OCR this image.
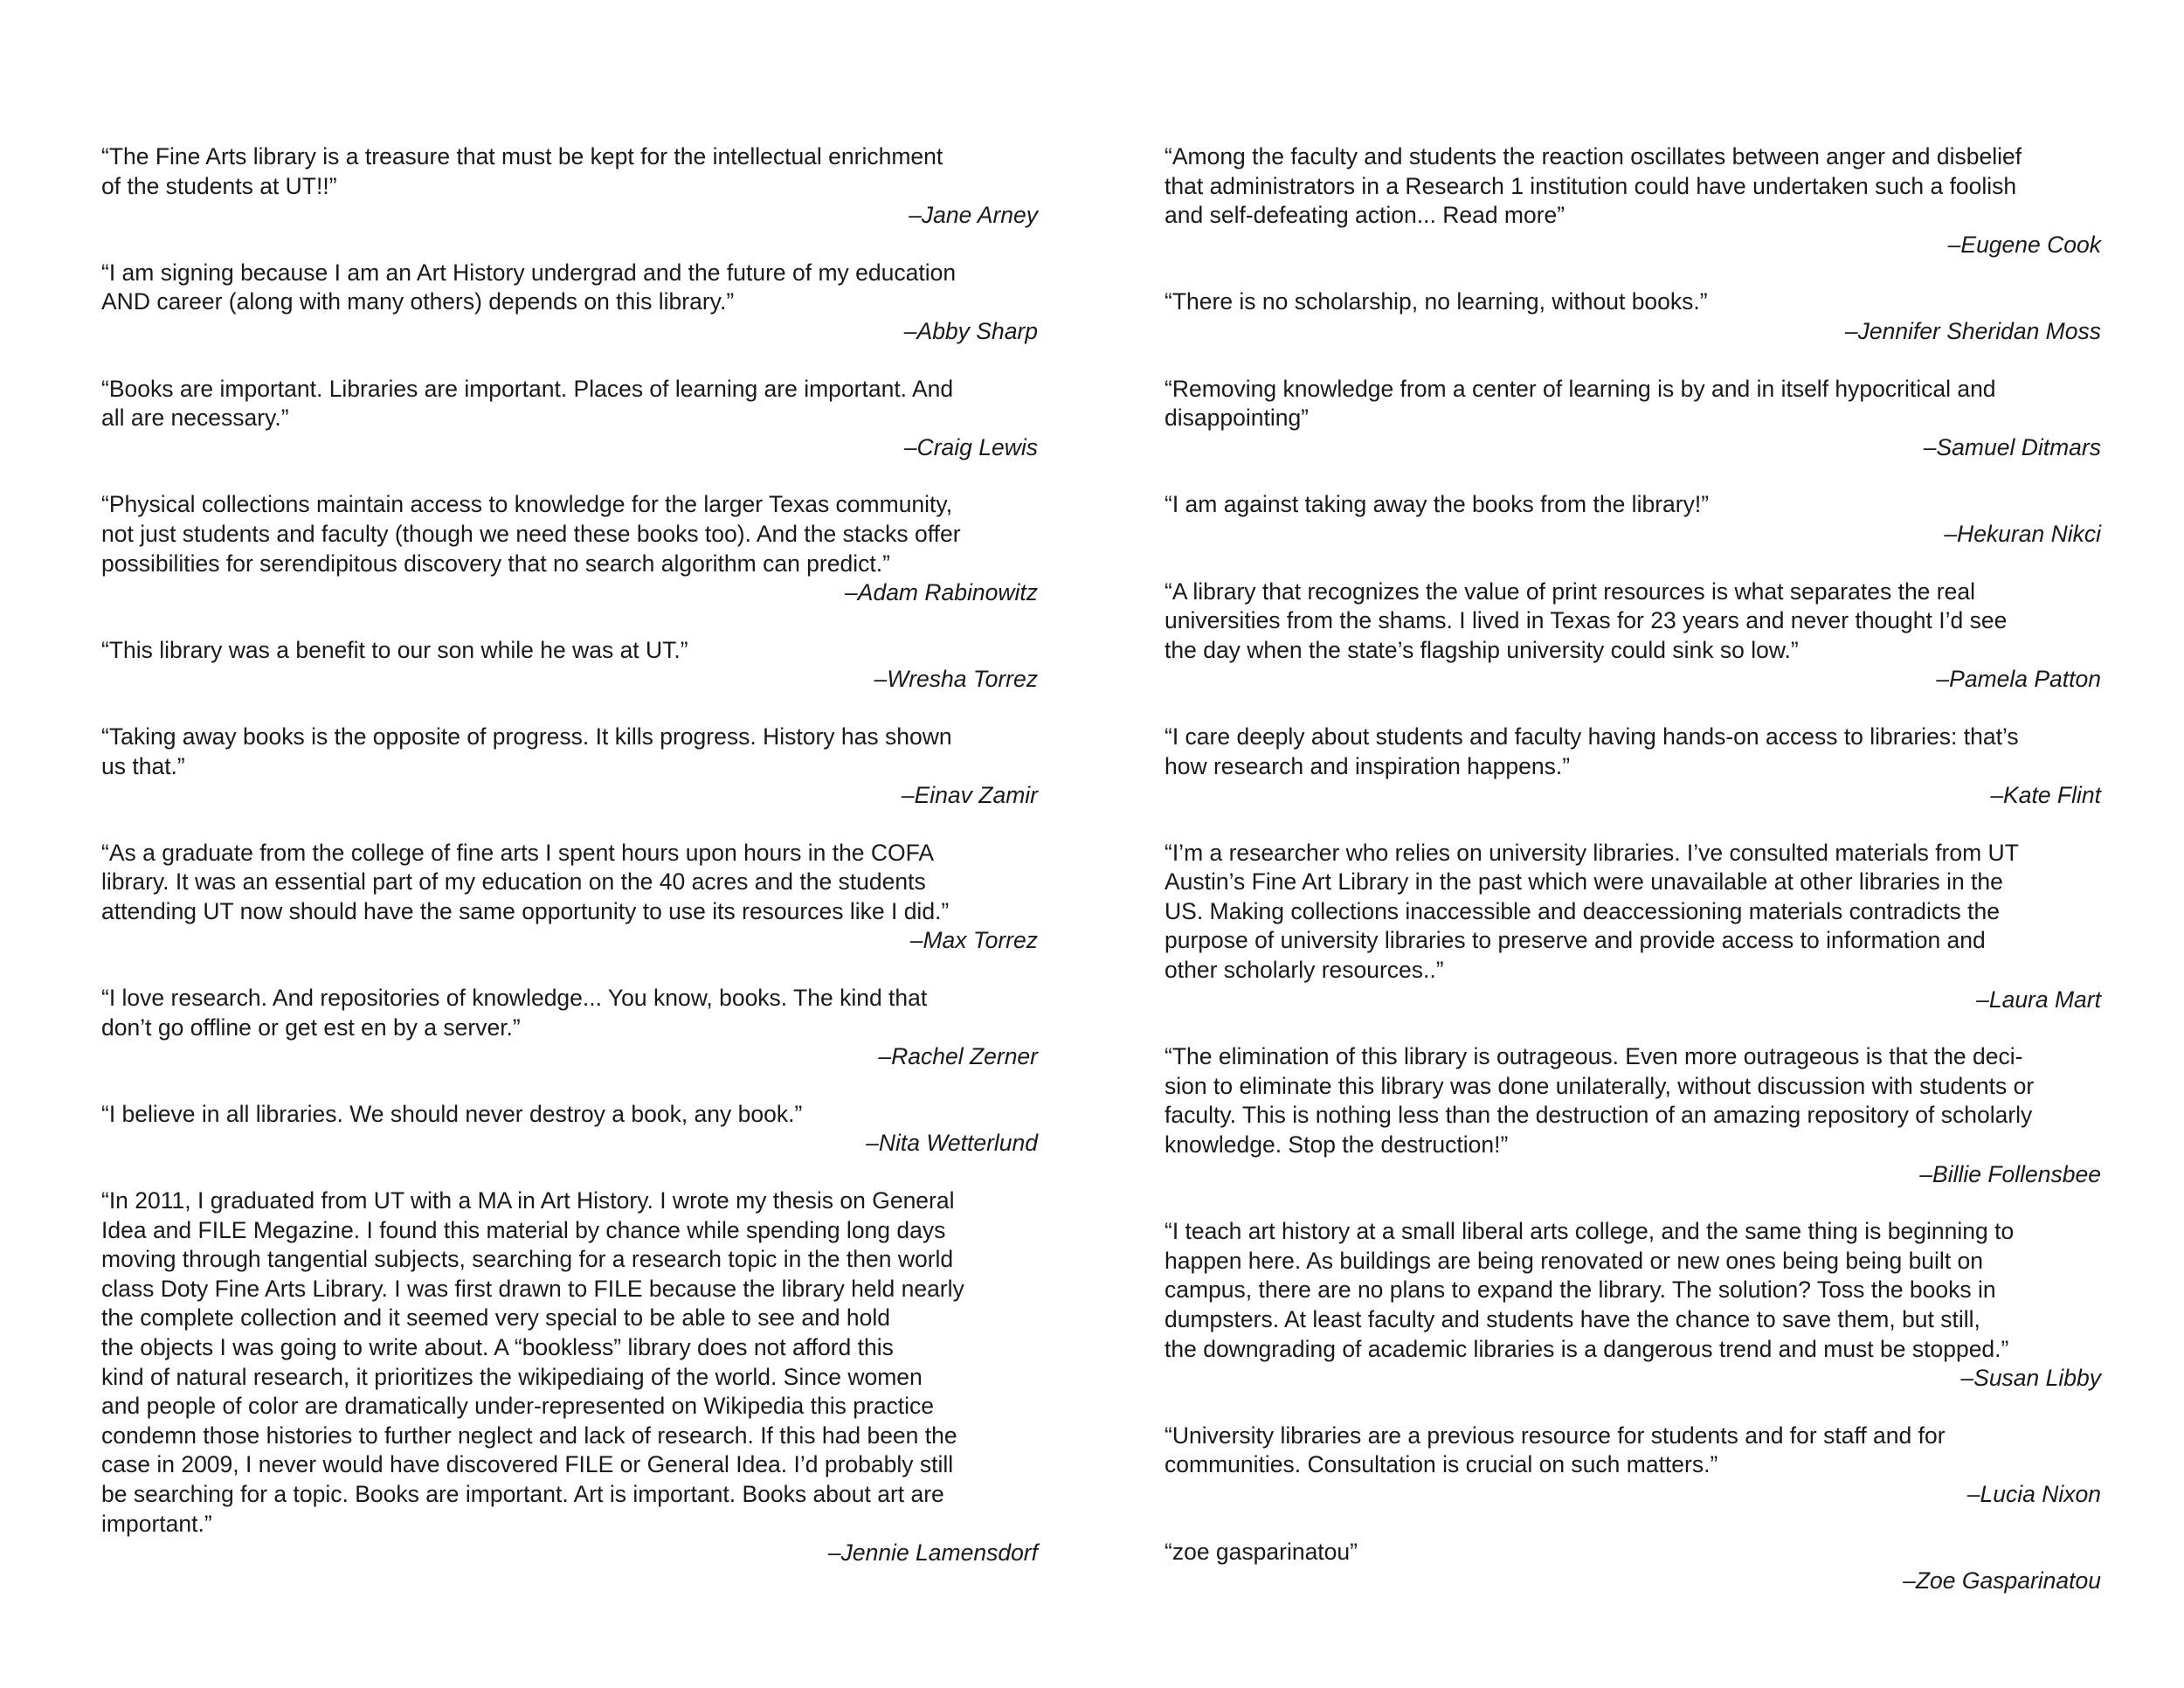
“The Fine Arts library is a treasure that must be kept for the intellectual enrichment
of the students at UT!!”

–Jane Arney

“I am signing because I am an Art History undergrad and the future of my education
AND career (along with many others) depends on this library.”

–Abby Sharp

“Books are important. Libraries are important. Places of learning are important. And
all are necessary.”

–Craig Lewis

“Physical collections maintain access to knowledge for the larger Texas community,
not just students and faculty (though we need these books too). And the stacks offer
possibilities for serendipitous discovery that no search algorithm can predict.”

–Adam Rabinowitz

“This library was a benefit to our son while he was at UT.”

–Wresha Torrez

“Taking away books is the opposite of progress. It kills progress. History has shown
us that.”

–Einav Zamir

“As a graduate from the college of fine arts I spent hours upon hours in the COFA
library. It was an essential part of my education on the 40 acres and the students
attending UT now should have the same opportunity to use its resources like I did.”

–Max Torrez

“I love research. And repositories of knowledge... You know, books. The kind that
don’t go offline or get est en by a server.”

–Rachel Zerner

“I believe in all libraries. We should never destroy a book, any book.”

–Nita Wetterlund

“In 2011, I graduated from UT with a MA in Art History. I wrote my thesis on General
Idea and FILE Megazine. I found this material by chance while spending long days
moving through tangential subjects, searching for a research topic in the then world
class Doty Fine Arts Library. I was first drawn to FILE because the library held nearly
the complete collection and it seemed very special to be able to see and hold
the objects I was going to write about. A “bookless” library does not afford this
kind of natural research, it prioritizes the wikipediaing of the world. Since women
and people of color are dramatically under-represented on Wikipedia this practice
condemn those histories to further neglect and lack of research. If this had been the
case in 2009, I never would have discovered FILE or General Idea. I’d probably still
be searching for a topic. Books are important. Art is important. Books about art are
important.”

–Jennie Lamensdorf

“Among the faculty and students the reaction oscillates between anger and disbelief
that administrators in a Research 1 institution could have undertaken such a foolish
and self-defeating action... Read more”

–Eugene Cook

“There is no scholarship, no learning, without books.”

–Jennifer Sheridan Moss

“Removing knowledge from a center of learning is by and in itself hypocritical and
disappointing”

–Samuel Ditmars

“I am against taking away the books from the library!”

–Hekuran Nikci

“A library that recognizes the value of print resources is what separates the real
universities from the shams. I lived in Texas for 23 years and never thought I’d see
the day when the state’s flagship university could sink so low.”

–Pamela Patton

“I care deeply about students and faculty having hands-on access to libraries: that’s
how research and inspiration happens.”

–Kate Flint

“I’m a researcher who relies on university libraries. I’ve consulted materials from UT
Austin’s Fine Art Library in the past which were unavailable at other libraries in the
US. Making collections inaccessible and deaccessioning materials contradicts the
purpose of university libraries to preserve and provide access to information and
other scholarly resources..”

–Laura Mart

“The elimination of this library is outrageous. Even more outrageous is that the deci-
sion to eliminate this library was done unilaterally, without discussion with students or
faculty. This is nothing less than the destruction of an amazing repository of scholarly
knowledge. Stop the destruction!”

–Billie Follensbee

“I teach art history at a small liberal arts college, and the same thing is beginning to
happen here. As buildings are being renovated or new ones being being built on
campus, there are no plans to expand the library. The solution? Toss the books in
dumpsters. At least faculty and students have the chance to save them, but still,
the downgrading of academic libraries is a dangerous trend and must be stopped.”

–Susan Libby

“University libraries are a previous resource for students and for staff and for
communities. Consultation is crucial on such matters.”

–Lucia Nixon

“zoe gasparinatou”

–Zoe Gasparinatou
